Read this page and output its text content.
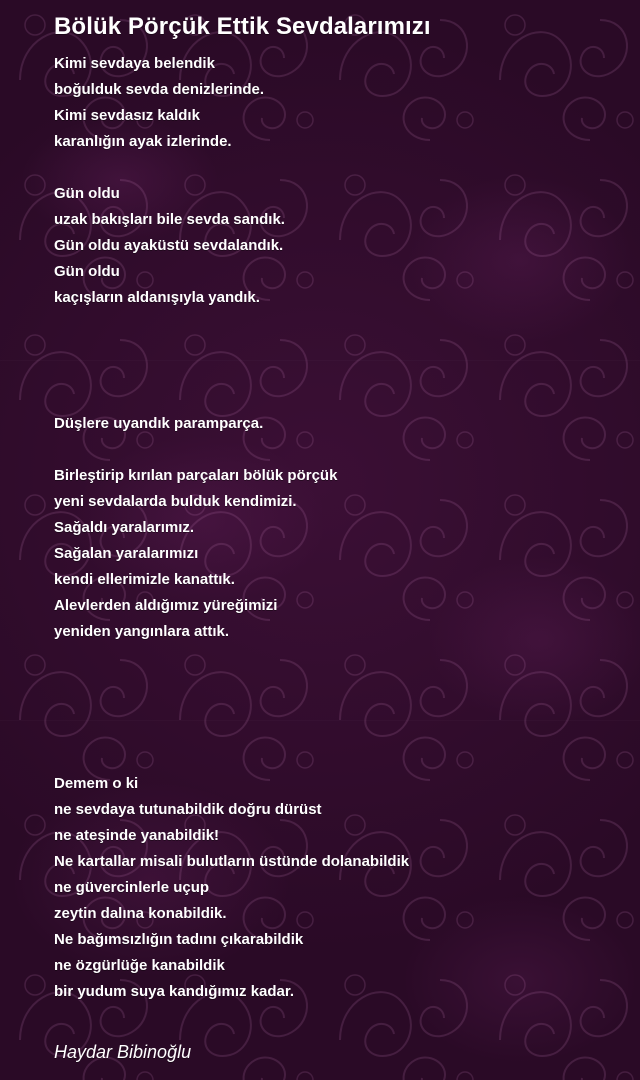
Bölük Pörçük Ettik Sevdalarımızı
Kimi sevdaya belendik
boğulduk sevda denizlerinde.
Kimi sevdasız kaldık
karanlığın ayak izlerinde.
Gün oldu
uzak bakışları bile sevda sandık.
Gün oldu ayaküstü sevdalandık.
Gün oldu
kaçışların aldanışıyla yandık.
Düşlere uyandık paramparça.
Birleştirip kırılan parçaları bölük pörçük
yeni sevdalarda bulduk kendimizi.
Sağaldı yaralarımız.
Sağalan yaralarımızı
kendi ellerimizle kanattık.
Alevlerden aldığımız yüreğimizi
yeniden yangınlara attık.
Demem o ki
ne sevdaya tutunabildik doğru dürüst
ne ateşinde yanabildik!
Ne kartallar misali bulutların üstünde dolanabildik
ne güvercinlerle uçup
zeytin dalına konabildik.
Ne bağımsızlığın tadını çıkarabildik
ne özgürlüğe kanabildik
bir yudum suya kandığımız kadar.
Haydar Bibinoğlu
